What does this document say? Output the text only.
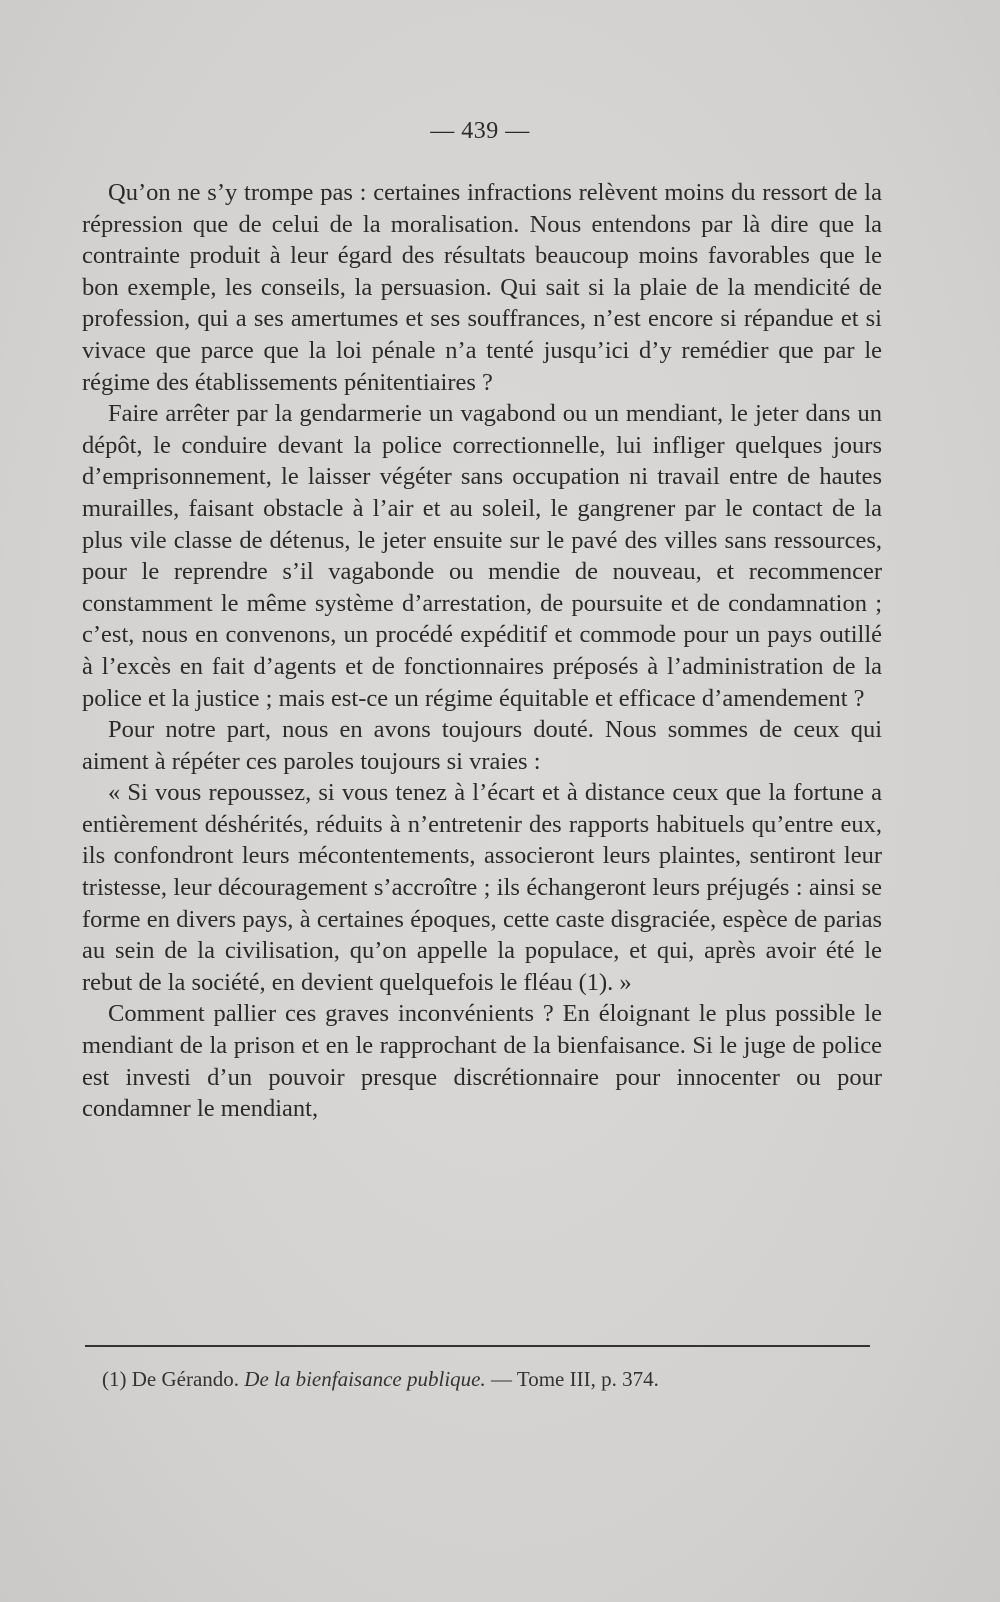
— 439 —

Qu’on ne s’y trompe pas : certaines infractions relèvent moins du ressort de la répression que de celui de la moralisation. Nous entendons par là dire que la contrainte produit à leur égard des résultats beaucoup moins favorables que le bon exemple, les conseils, la persuasion. Qui sait si la plaie de la mendicité de profession, qui a ses amertumes et ses souffrances, n’est encore si répandue et si vivace que parce que la loi pénale n’a tenté jusqu’ici d’y remédier que par le régime des établissements pénitentiaires ?

Faire arrêter par la gendarmerie un vagabond ou un mendiant, le jeter dans un dépôt, le conduire devant la police correctionnelle, lui infliger quelques jours d’emprisonnement, le laisser végéter sans occupation ni travail entre de hautes murailles, faisant obstacle à l’air et au soleil, le gangrener par le contact de la plus vile classe de détenus, le jeter ensuite sur le pavé des villes sans ressources, pour le reprendre s’il vagabonde ou mendie de nouveau, et recommencer constamment le même système d’arrestation, de poursuite et de condamnation ; c’est, nous en convenons, un procédé expéditif et commode pour un pays outillé à l’excès en fait d’agents et de fonctionnaires préposés à l’administration de la police et la justice ; mais est-ce un régime équitable et efficace d’amendement ?

Pour notre part, nous en avons toujours douté. Nous sommes de ceux qui aiment à répéter ces paroles toujours si vraies :

« Si vous repoussez, si vous tenez à l’écart et à distance ceux que la fortune a entièrement déshérités, réduits à n’entretenir des rapports habituels qu’entre eux, ils confondront leurs mécontentements, associeront leurs plaintes, sentiront leur tristesse, leur découragement s’accroître ; ils échangeront leurs préjugés : ainsi se forme en divers pays, à certaines époques, cette caste disgraciée, espèce de parias au sein de la civilisation, qu’on appelle la populace, et qui, après avoir été le rebut de la société, en devient quelquefois le fléau (1). »

Comment pallier ces graves inconvénients ? En éloignant le plus possible le mendiant de la prison et en le rapprochant de la bienfaisance. Si le juge de police est investi d’un pouvoir presque discrétionnaire pour innocenter ou pour condamner le mendiant,

(1) De Gérando. De la bienfaisance publique. — Tome III, p. 374.
